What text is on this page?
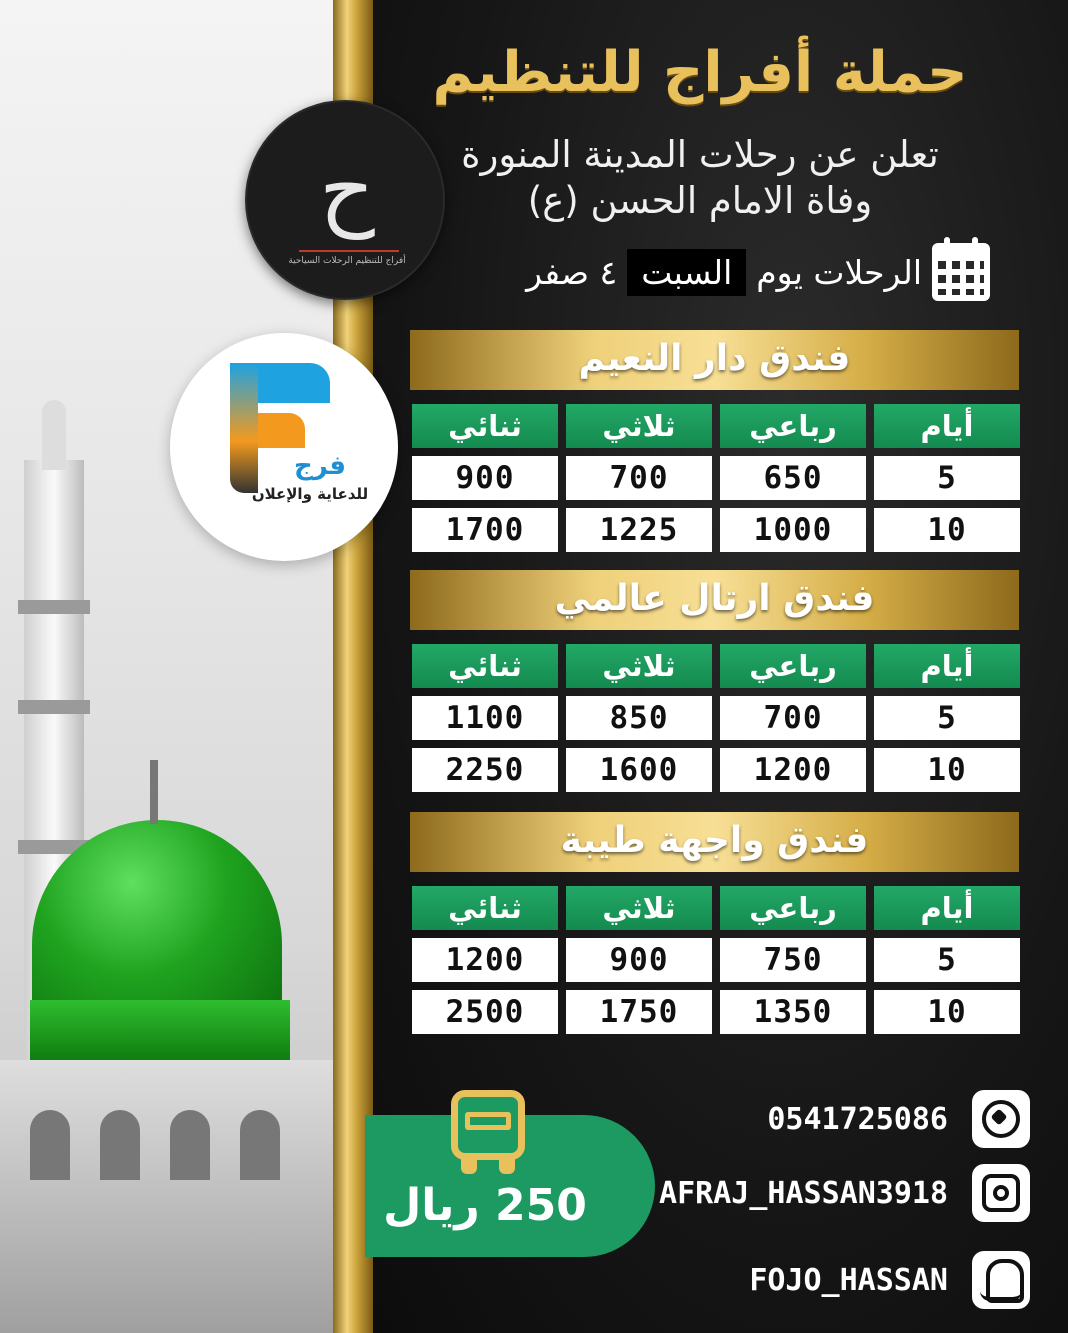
حملة أفراج للتنظيم
تعلن عن رحلات المدينة المنورة
وفاة الامام الحسن (ع)
الرحلات يوم
السبت
٤ صفر
ح
أفراج للتنظيم الرحلات السياحية
فرج
للدعاية والإعلان
فندق دار النعيم
أيام
رباعي
ثلاثي
ثنائي
5
650
700
900
10
1000
1225
1700
فندق ارتال عالمي
أيام
رباعي
ثلاثي
ثنائي
5
700
850
1100
10
1200
1600
2250
فندق واجهة طيبة
أيام
رباعي
ثلاثي
ثنائي
5
750
900
1200
10
1350
1750
2500
250 ريال
0541725086
AFRAJ_HASSAN3918
FOJO_HASSAN
